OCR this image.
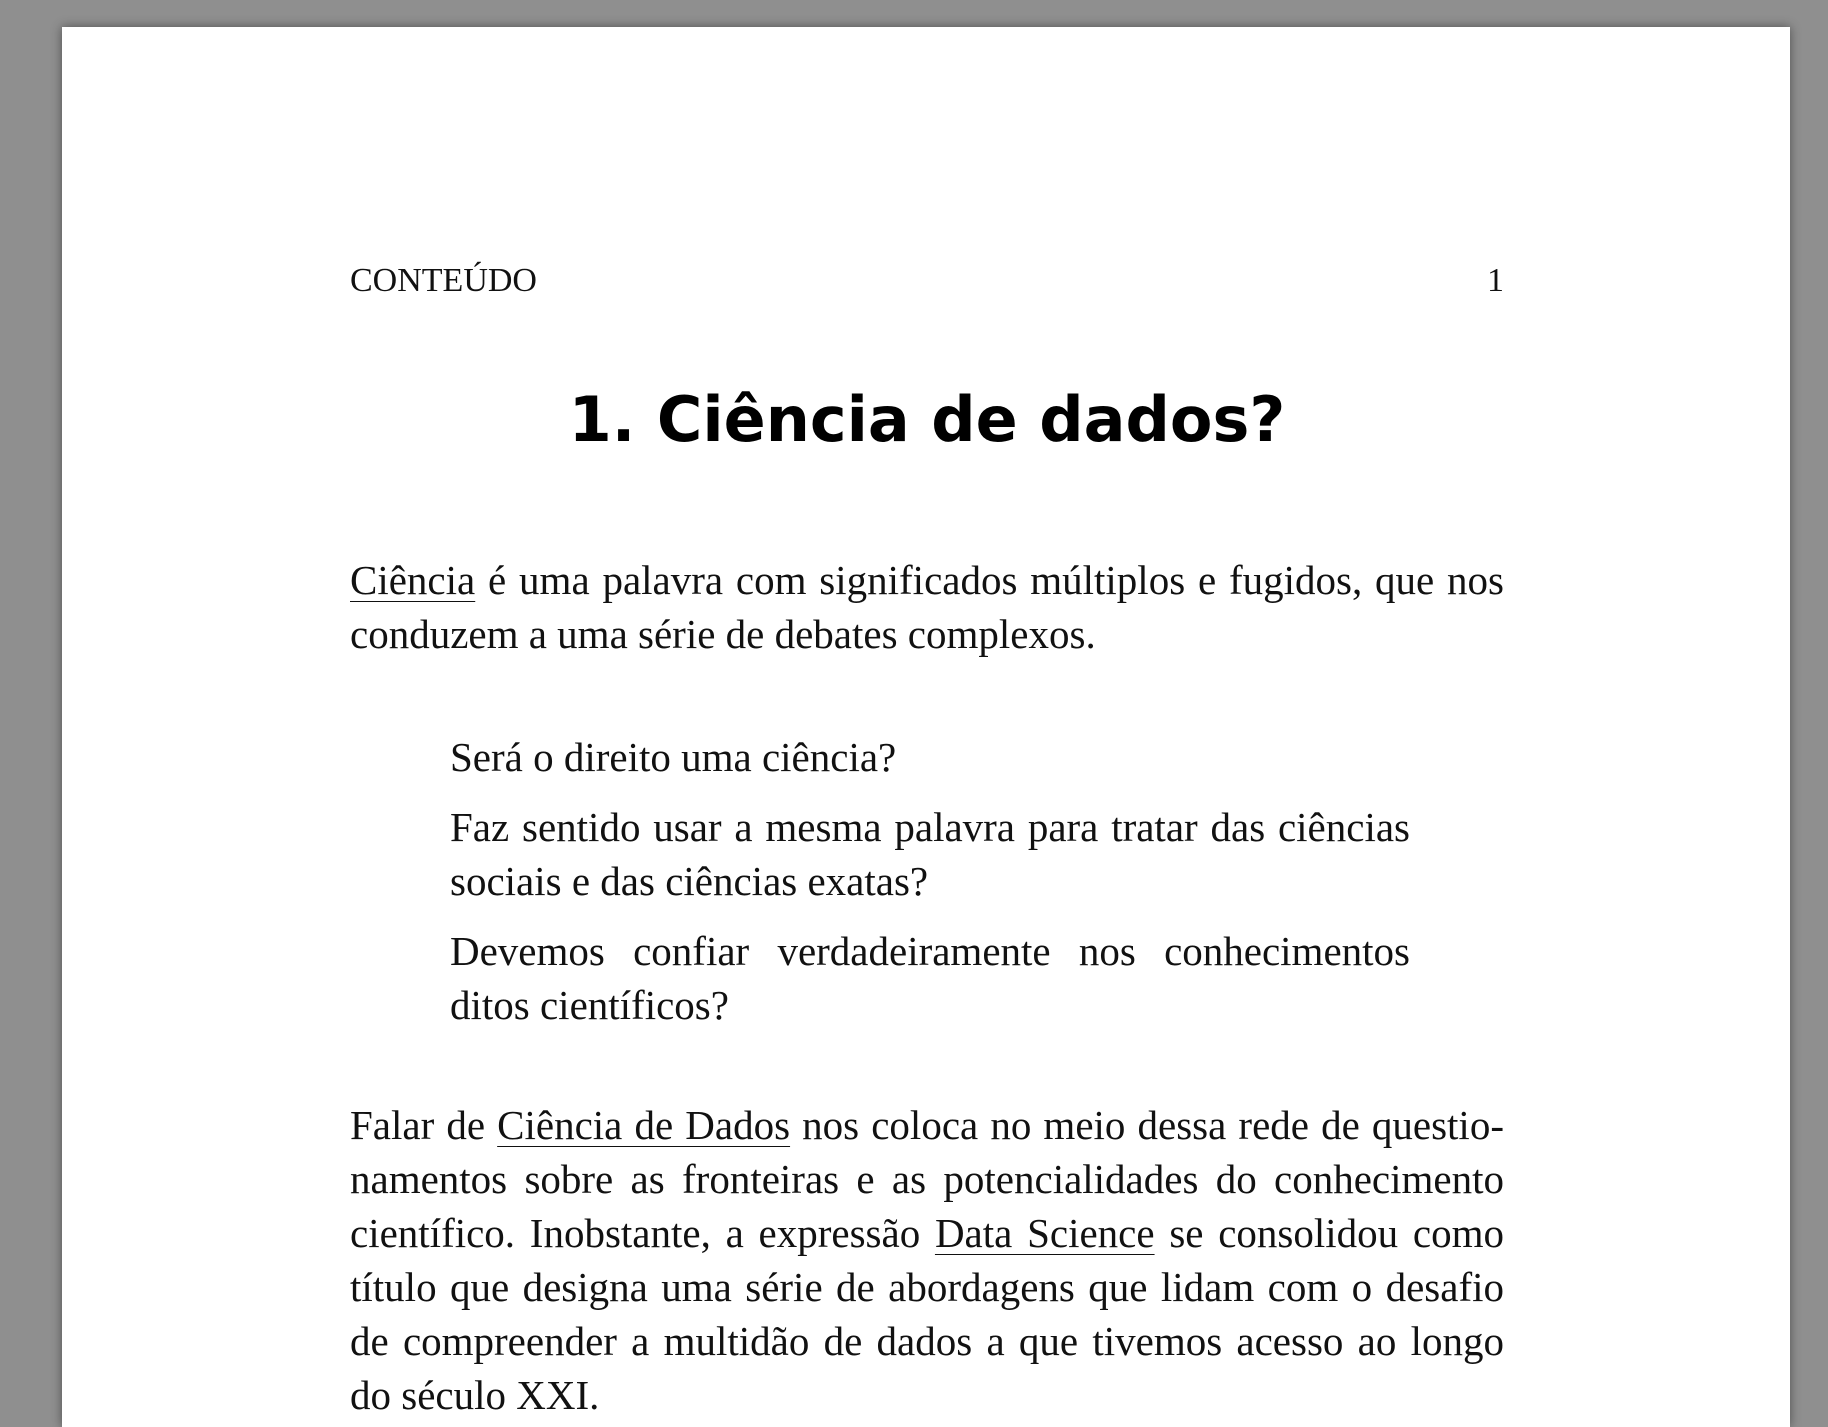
CONTEÚDO	1
1. Ciência de dados?

Ciência é uma palavra com significados múltiplos e fugidos, que nos conduzem a uma série de debates complexos.

Será o direito uma ciência?

Faz sentido usar a mesma palavra para tratar das ciências sociais e das ciências exatas?

Devemos confiar verdadeiramente nos conhecimentos ditos científicos?

Falar de Ciência de Dados nos coloca no meio dessa rede de questionamentos sobre as fronteiras e as potencialidades do conhecimento científico. Inobstante, a expressão Data Science se consolidou como título que designa uma série de abordagens que lidam com o desafio de compreender a multidão de dados a que tivemos acesso ao longo do século XXI.
